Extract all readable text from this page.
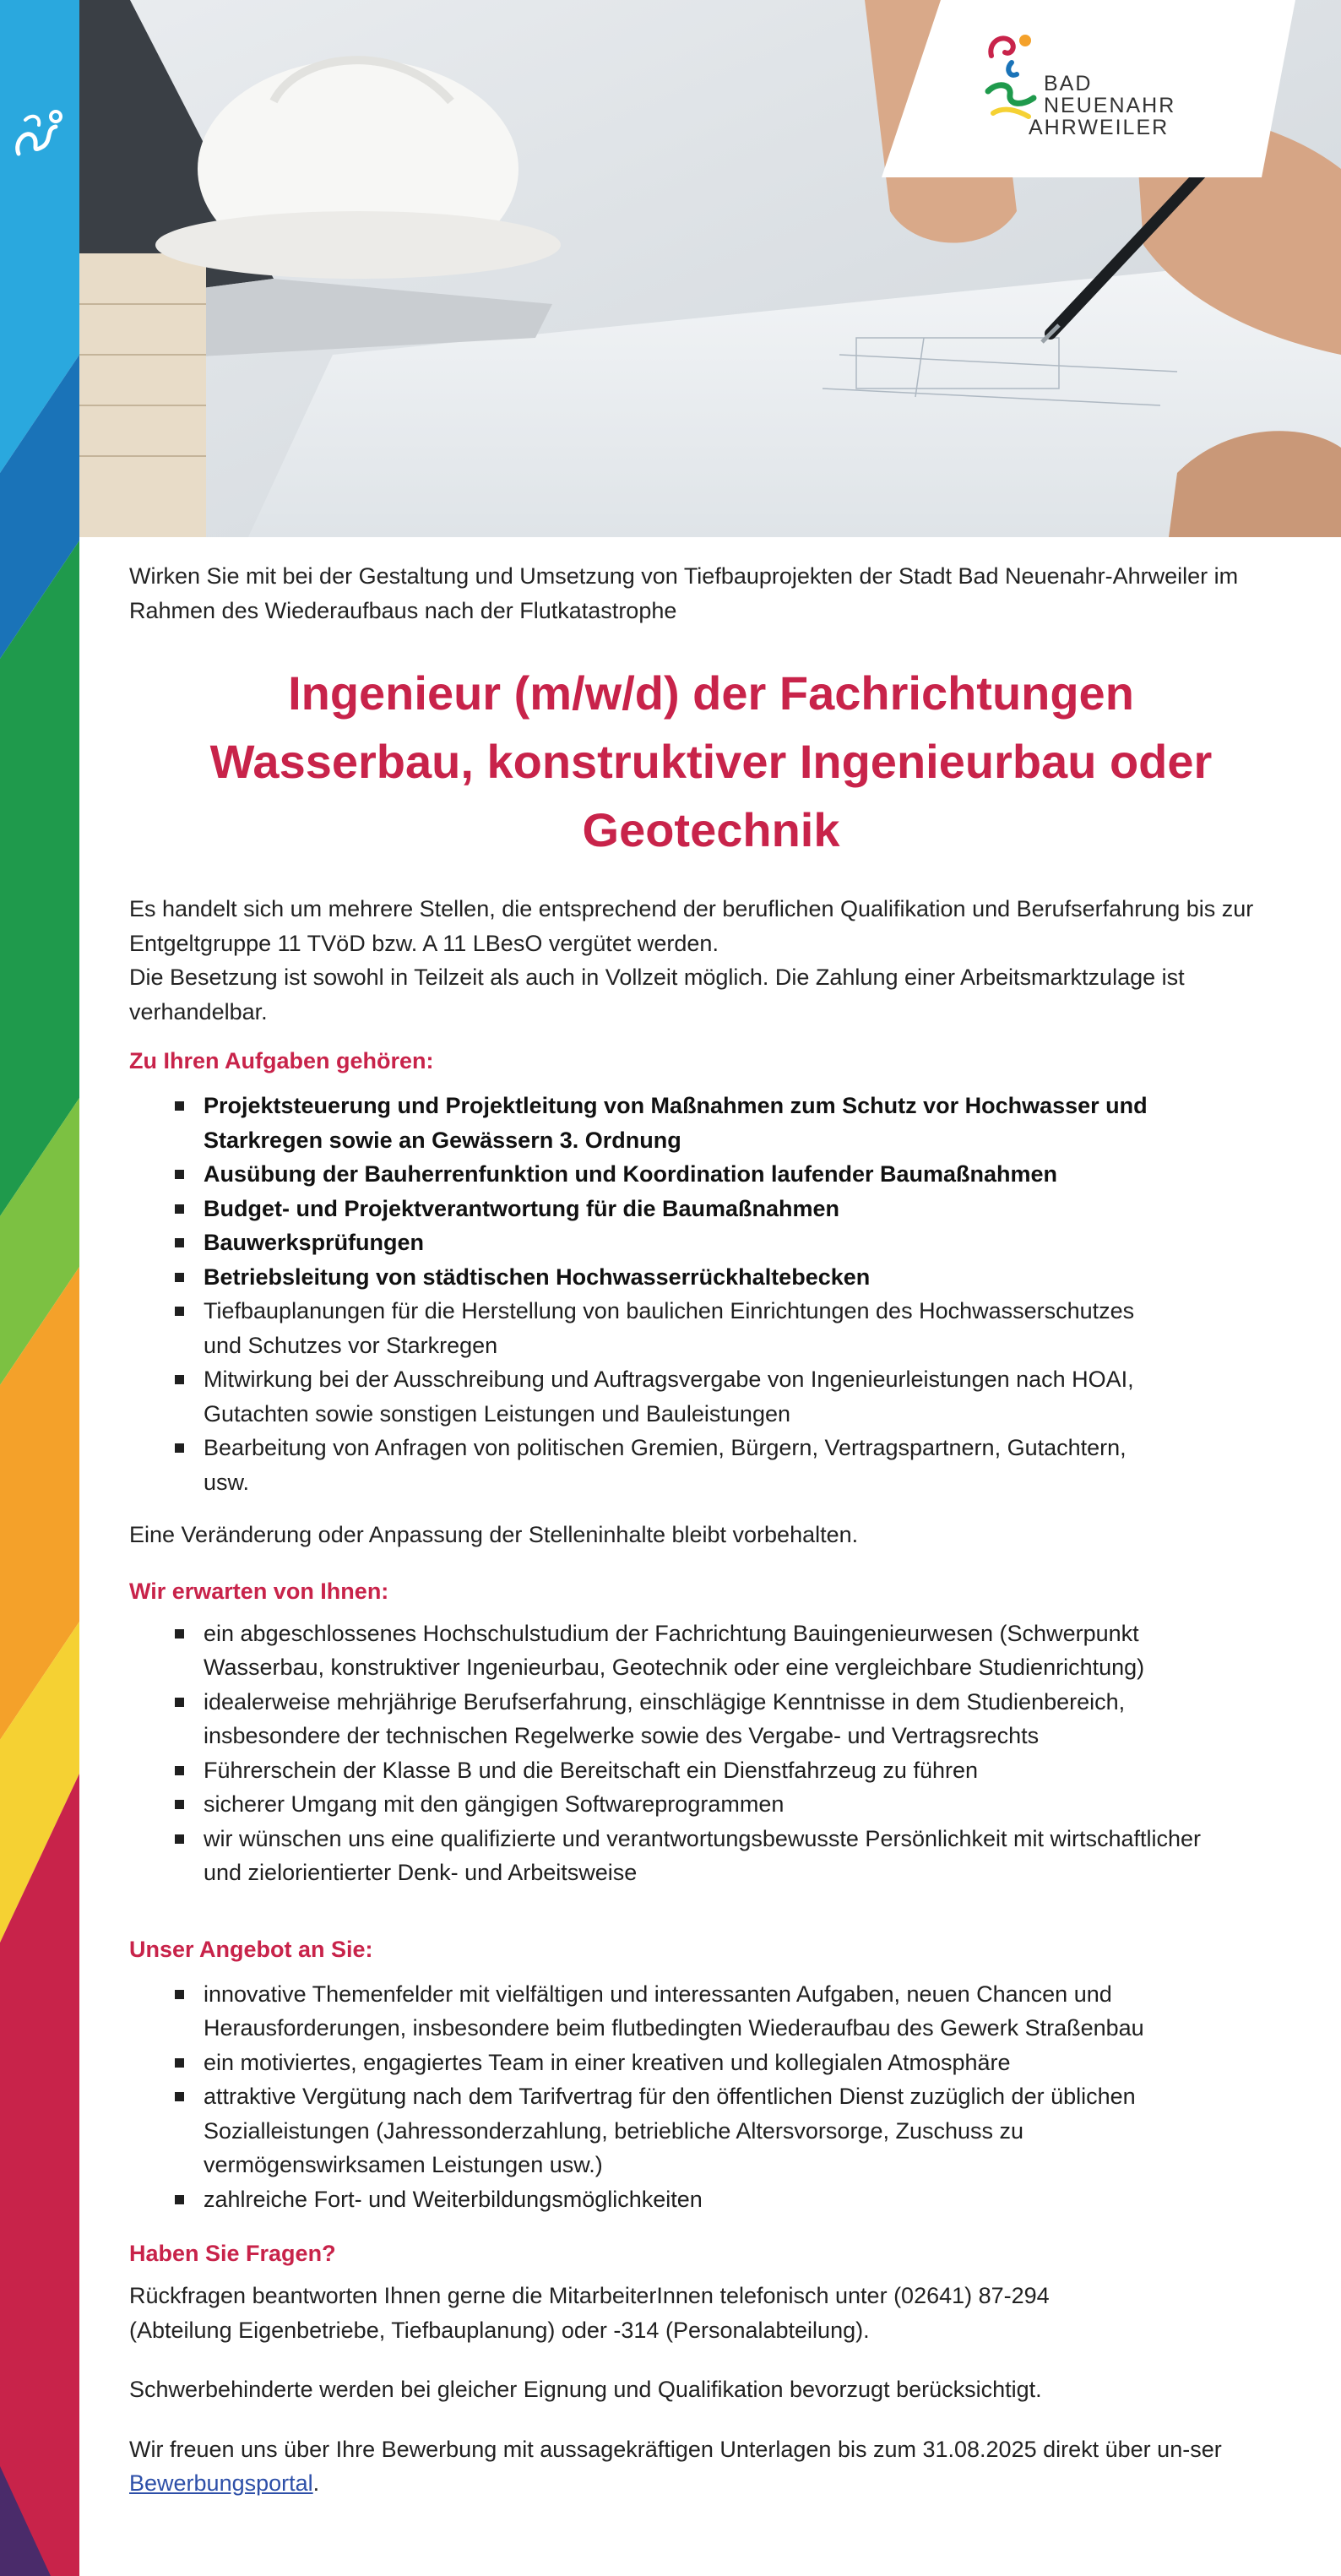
BAD
NEUENAHR
AHRWEILER

Wirken Sie mit bei der Gestaltung und Umsetzung von Tiefbauprojekten der Stadt Bad Neuenahr-Ahrweiler im Rahmen des Wiederaufbaus nach der Flutkatastrophe

Ingenieur (m/w/d) der Fachrichtungen Wasserbau, konstruktiver Ingenieurbau oder Geotechnik

Es handelt sich um mehrere Stellen, die entsprechend der beruflichen Qualifikation und Berufserfahrung bis zur Entgeltgruppe 11 TVöD bzw. A 11 LBesO vergütet werden.

Die Besetzung ist sowohl in Teilzeit als auch in Vollzeit möglich. Die Zahlung einer Arbeitsmarktzulage ist verhandelbar.

Zu Ihren Aufgaben gehören:
Projektsteuerung und Projektleitung von Maßnahmen zum Schutz vor Hochwasser und Starkregen sowie an Gewässern 3. Ordnung
Ausübung der Bauherrenfunktion und Koordination laufender Baumaßnahmen
Budget- und Projektverantwortung für die Baumaßnahmen
Bauwerksprüfungen
Betriebsleitung von städtischen Hochwasserrückhaltebecken
Tiefbauplanungen für die Herstellung von baulichen Einrichtungen des Hochwasserschutzes und Schutzes vor Starkregen
Mitwirkung bei der Ausschreibung und Auftragsvergabe von Ingenieurleistungen nach HOAI, Gutachten sowie sonstigen Leistungen und Bauleistungen
Bearbeitung von Anfragen von politischen Gremien, Bürgern, Vertragspartnern, Gutachtern, usw.

Eine Veränderung oder Anpassung der Stelleninhalte bleibt vorbehalten.

Wir erwarten von Ihnen:
ein abgeschlossenes Hochschulstudium der Fachrichtung Bauingenieurwesen (Schwerpunkt Wasserbau, konstruktiver Ingenieurbau, Geotechnik oder eine vergleichbare Studienrichtung)
idealerweise mehrjährige Berufserfahrung, einschlägige Kenntnisse in dem Studienbereich, insbesondere der technischen Regelwerke sowie des Vergabe- und Vertragsrechts
Führerschein der Klasse B und die Bereitschaft ein Dienstfahrzeug zu führen
sicherer Umgang mit den gängigen Softwareprogrammen
wir wünschen uns eine qualifizierte und verantwortungsbewusste Persönlichkeit mit wirtschaftlicher und zielorientierter Denk- und Arbeitsweise
Unser Angebot an Sie:
innovative Themenfelder mit vielfältigen und interessanten Aufgaben, neuen Chancen und Herausforderungen, insbesondere beim flutbedingten Wiederaufbau des Gewerk Straßenbau
ein motiviertes, engagiertes Team in einer kreativen und kollegialen Atmosphäre
attraktive Vergütung nach dem Tarifvertrag für den öffentlichen Dienst zuzüglich der üblichen Sozialleistungen (Jahressonderzahlung, betriebliche Altersvorsorge, Zuschuss zu vermögenswirksamen Leistungen usw.)
zahlreiche Fort- und Weiterbildungsmöglichkeiten
Haben Sie Fragen?

Rückfragen beantworten Ihnen gerne die MitarbeiterInnen telefonisch unter (02641) 87-294 (Abteilung Eigenbetriebe, Tiefbauplanung) oder -314 (Personalabteilung).

Schwerbehinderte werden bei gleicher Eignung und Qualifikation bevorzugt berücksichtigt.

Wir freuen uns über Ihre Bewerbung mit aussagekräftigen Unterlagen bis zum 31.08.2025 direkt über un-ser Bewerbungsportal.
